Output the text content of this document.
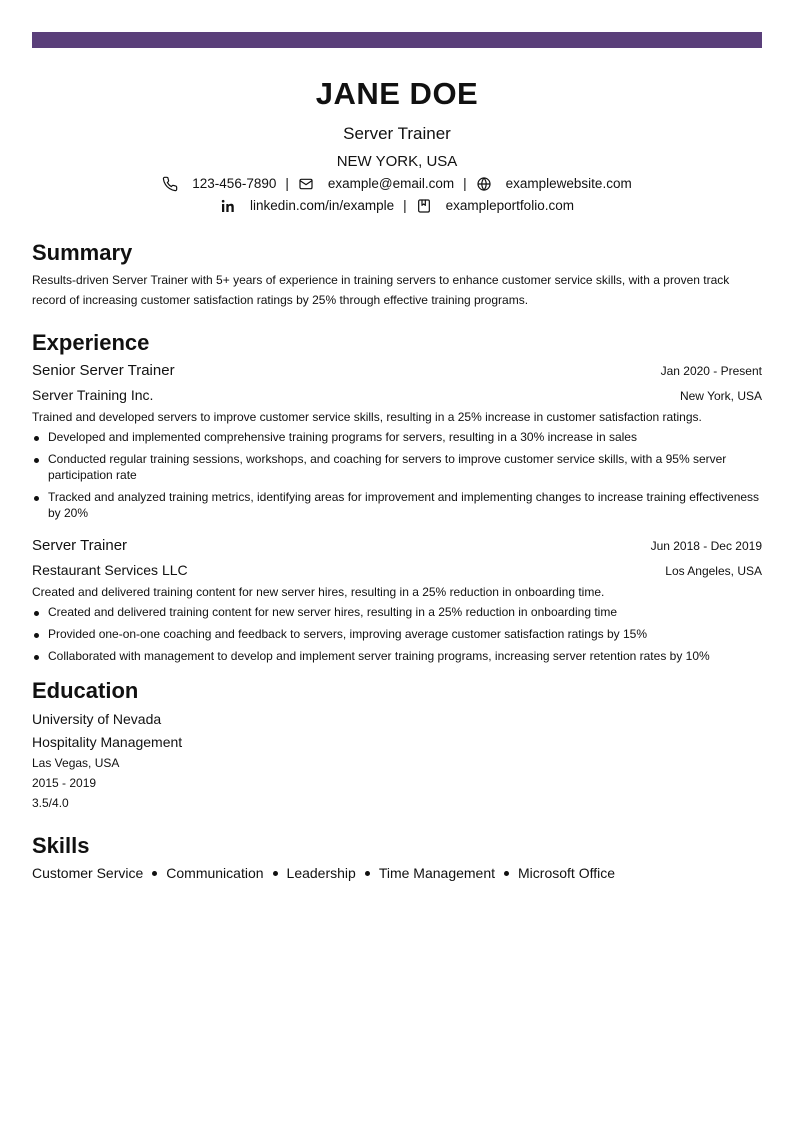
JANE DOE
Server Trainer
NEW YORK, USA
123-456-7890 |	example@email.com |	examplewebsite.com
linkedin.com/in/example |	exampleportfolio.com
Summary
Results-driven Server Trainer with 5+ years of experience in training servers to enhance customer service skills, with a proven track record of increasing customer satisfaction ratings by 25% through effective training programs.
Experience
Senior Server Trainer	Jan 2020 - Present
Server Training Inc.	New York, USA
Trained and developed servers to improve customer service skills, resulting in a 25% increase in customer satisfaction ratings.
Developed and implemented comprehensive training programs for servers, resulting in a 30% increase in sales
Conducted regular training sessions, workshops, and coaching for servers to improve customer service skills, with a 95% server participation rate
Tracked and analyzed training metrics, identifying areas for improvement and implementing changes to increase training effectiveness by 20%
Server Trainer	Jun 2018 - Dec 2019
Restaurant Services LLC	Los Angeles, USA
Created and delivered training content for new server hires, resulting in a 25% reduction in onboarding time.
Created and delivered training content for new server hires, resulting in a 25% reduction in onboarding time
Provided one-on-one coaching and feedback to servers, improving average customer satisfaction ratings by 15%
Collaborated with management to develop and implement server training programs, increasing server retention rates by 10%
Education
University of Nevada
Hospitality Management
Las Vegas, USA
2015 - 2019
3.5/4.0
Skills
Customer Service Communication Leadership Time Management Microsoft Office
